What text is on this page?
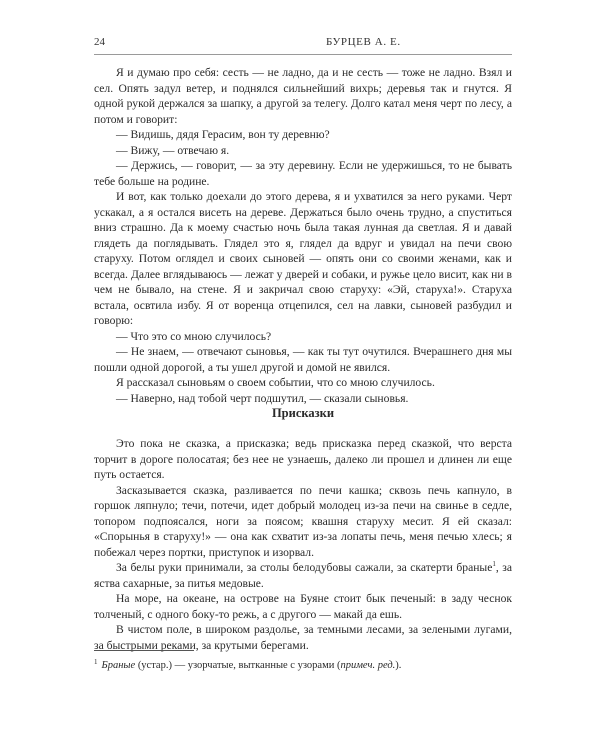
24	БУРЦЕВ А. Е.

Я и думаю про себя: сесть — не ладно, да и не сесть — тоже не ладно. Взял и сел. Опять задул ветер, и поднялся сильнейший вихрь; деревья так и гнутся. Я одной рукой держался за шапку, а другой за телегу. Долго катал меня черт по лесу, а потом и говорит:

— Видишь, дядя Герасим, вон ту деревню?

— Вижу, — отвечаю я.

— Держись, — говорит, — за эту деревину. Если не удержишься, то не бывать тебе больше на родине.

И вот, как только доехали до этого дерева, я и ухватился за него руками. Черт ускакал, а я остался висеть на дереве. Держаться было очень трудно, а спуститься вниз страшно. Да к моему счастью ночь была такая лунная да светлая. Я и давай глядеть да поглядывать. Глядел это я, глядел да вдруг и увидал на печи свою старуху. Потом оглядел и своих сыновей — опять они со своими женами, как и всегда. Далее вглядываюсь — лежат у дверей и собаки, и ружье цело висит, как ни в чем не бывало, на стене. Я и закричал свою старуху: «Эй, старуха!». Старуха встала, освтила избу. Я от воренца отцепился, сел на лавки, сыновей разбудил и говорю:

— Что это со мною случилось?

— Не знаем, — отвечают сыновья, — как ты тут очутился. Вчерашнего дня мы пошли одной дорогой, а ты ушел другой и домой не явился.

Я рассказал сыновьям о своем событии, что со мною случилось.

— Наверно, над тобой черт подшутил, — сказали сыновья.

Присказки

Это пока не сказка, а присказка; ведь присказка перед сказкой, что верста торчит в дороге полосатая; без нее не узнаешь, далеко ли прошел и длинен ли еще путь остается.

Засказывается сказка, разливается по печи кашка; сквозь печь капнуло, в горшок ляпнуло; течи, потечи, идет добрый молодец из-за печи на свинье в седле, топором подпоясался, ноги за поясом; квашня старуху месит. Я ей сказал: «Спорынья в старуху!» — она как схватит из-за лопаты печь, меня печью хлесь; я побежал через портки, приступок и изорвал.

За белы руки принимали, за столы белодубовы сажали, за скатерти браные$^1$, за яства сахарные, за питья медовые.

На море, на океане, на острове на Буяне стоит бык печеный: в заду чеснок толченый, с одного боку-то режь, а с другого — макай да ешь.

В чистом поле, в широком раздолье, за темными лесами, за зелеными лугами, за быстрыми реками, за крутыми берегами.

$^1$ Браные (устар.) — узорчатые, вытканные с узорами (примеч. ред.).
